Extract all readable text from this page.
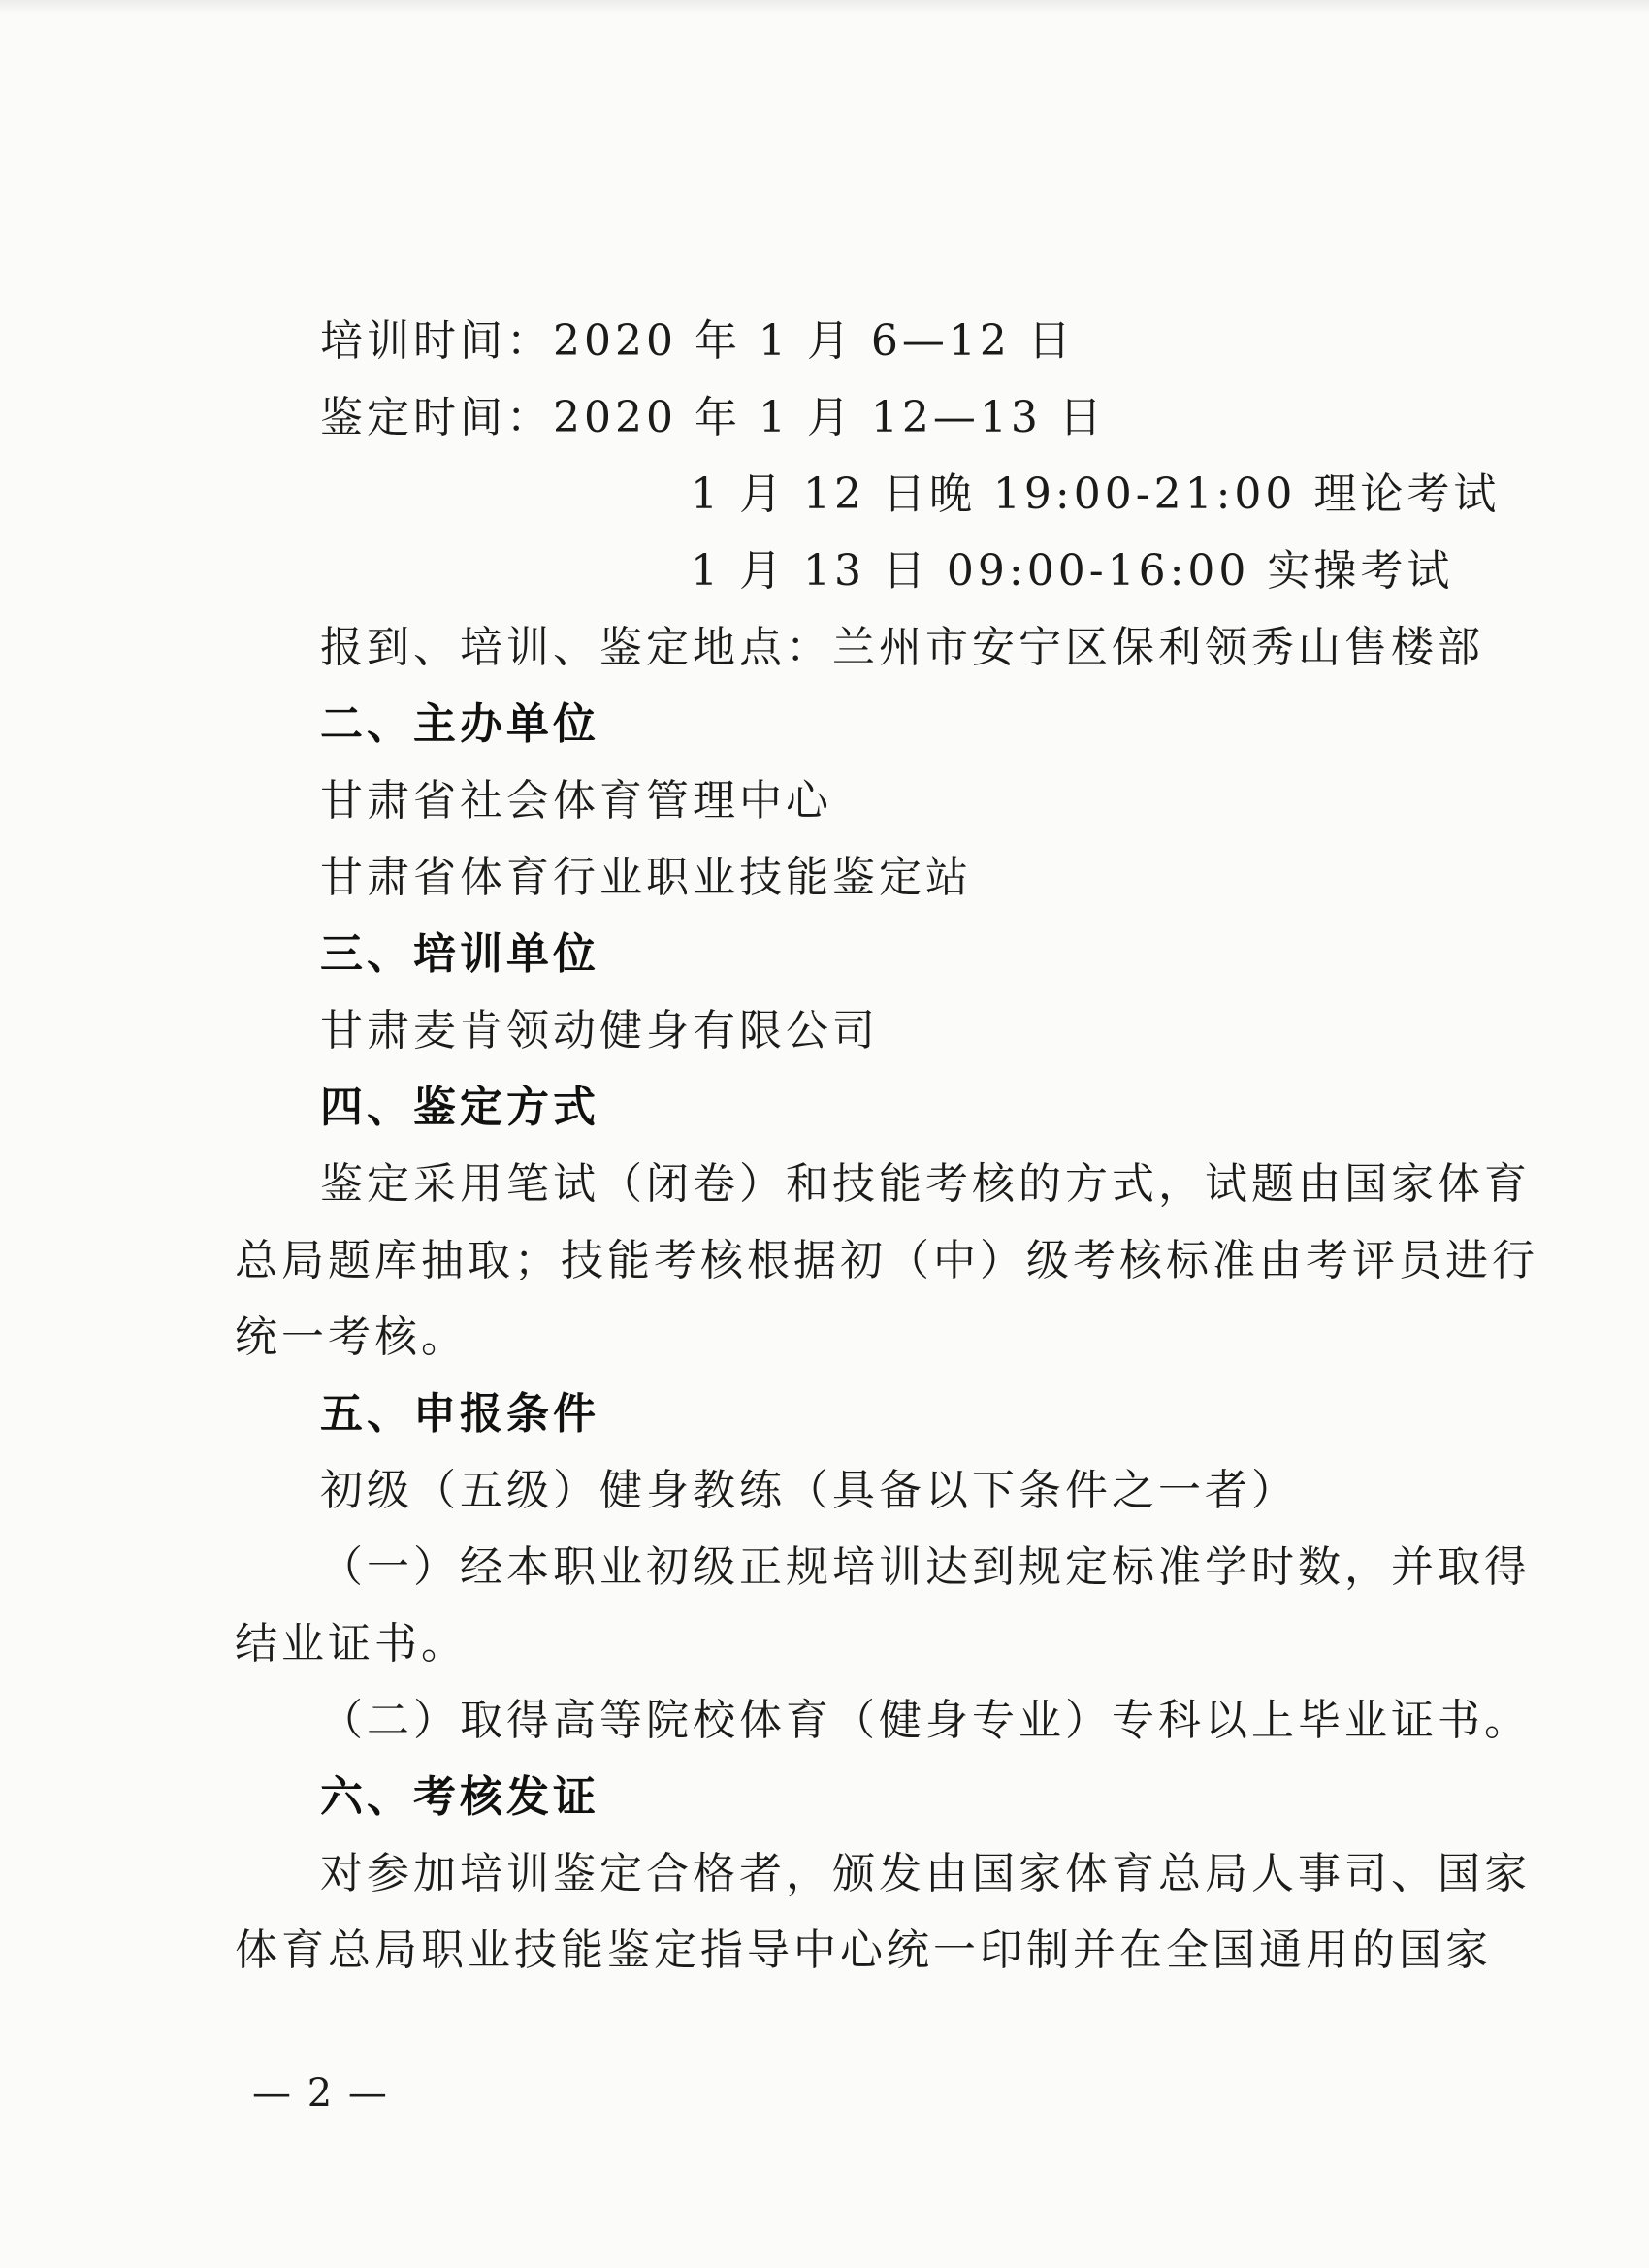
培训时间：2020 年 1 月 6—12 日
鉴定时间：2020 年 1 月 12—13 日
1 月 12 日晚 19:00-21:00 理论考试
1 月 13 日 09:00-16:00 实操考试
报到、培训、鉴定地点：兰州市安宁区保利领秀山售楼部
二、主办单位
甘肃省社会体育管理中心
甘肃省体育行业职业技能鉴定站
三、培训单位
甘肃麦肯领动健身有限公司
四、鉴定方式
鉴定采用笔试（闭卷）和技能考核的方式，试题由国家体育
总局题库抽取；技能考核根据初（中）级考核标准由考评员进行
统一考核。
五、申报条件
初级（五级）健身教练（具备以下条件之一者）
（一）经本职业初级正规培训达到规定标准学时数，并取得
结业证书。
（二）取得高等院校体育（健身专业）专科以上毕业证书。
六、考核发证
对参加培训鉴定合格者，颁发由国家体育总局人事司、国家
体育总局职业技能鉴定指导中心统一印制并在全国通用的国家
— 2 —
